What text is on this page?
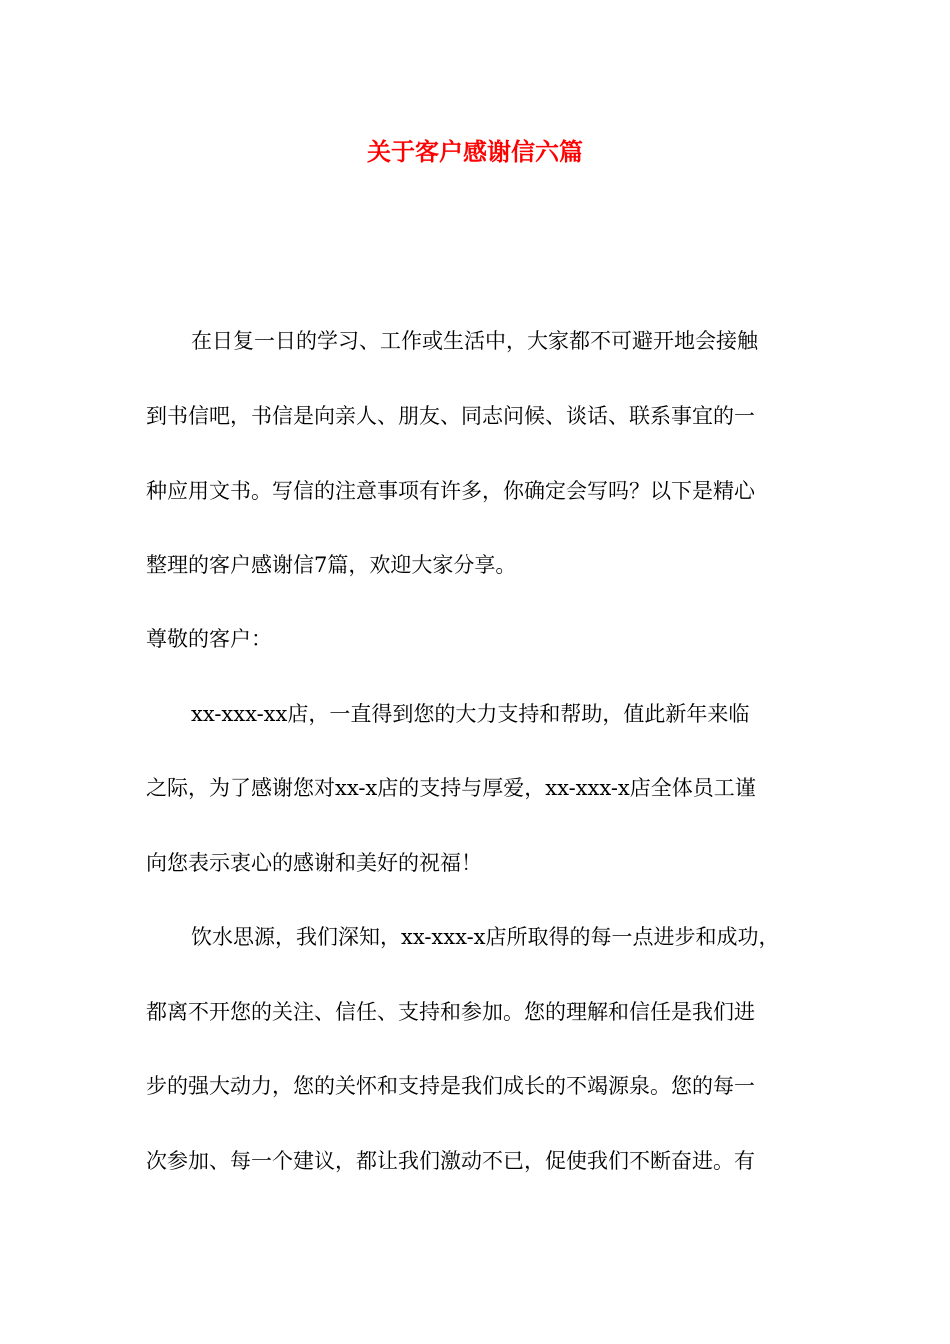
关于客户感谢信六篇

在日复一日的学习、工作或生活中，大家都不可避开地会接触

到书信吧，书信是向亲人、朋友、同志问候、谈话、联系事宜的一

种应用文书。写信的注意事项有许多，你确定会写吗？以下是精心

整理的客户感谢信7篇，欢迎大家分享。

尊敬的客户：

xx-xxx-xx店，一直得到您的大力支持和帮助，值此新年来临

之际，为了感谢您对xx-x店的支持与厚爱，xx-xxx-x店全体员工谨

向您表示衷心的感谢和美好的祝福！

饮水思源，我们深知，xx-xxx-x店所取得的每一点进步和成功，

都离不开您的关注、信任、支持和参加。您的理解和信任是我们进

步的强大动力，您的关怀和支持是我们成长的不竭源泉。您的每一

次参加、每一个建议，都让我们激动不已，促使我们不断奋进。有
